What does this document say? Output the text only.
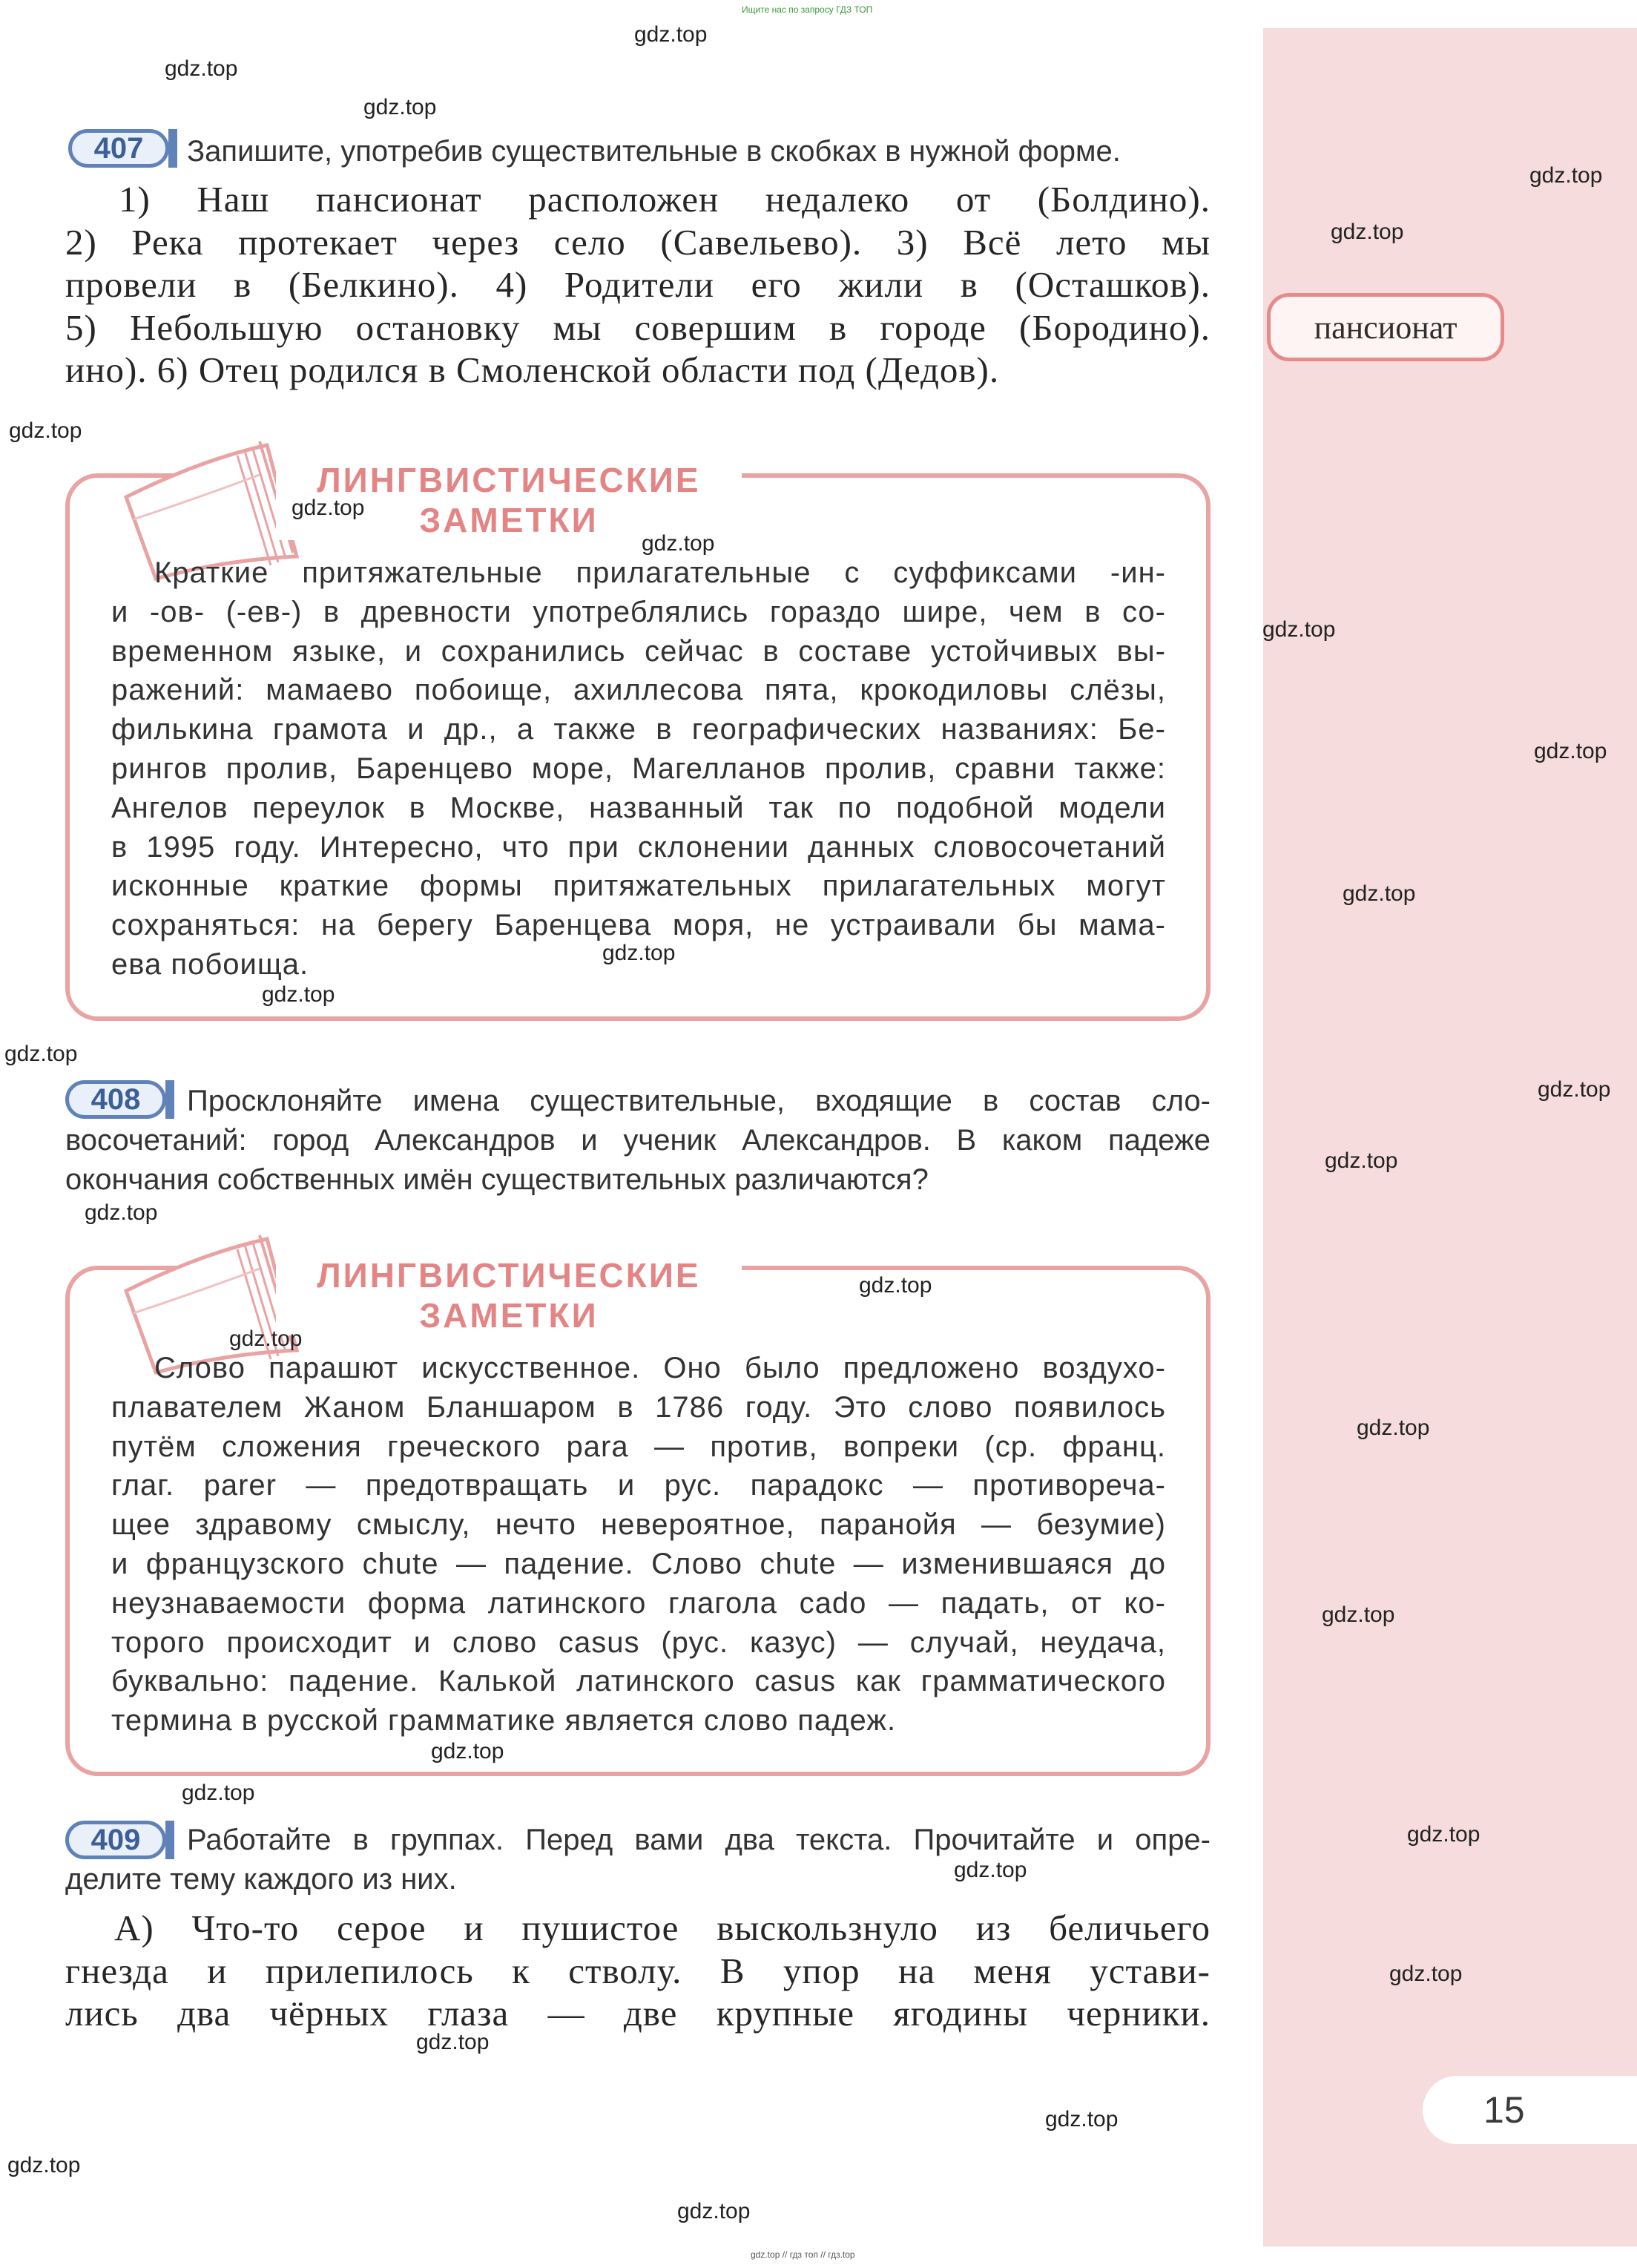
пансионат
15
Ищите нас по запросу ГДЗ ТОП
gdz.top // гдз топ // гдз.top
407 Запишите, употребив существительные в скобках в нужной форме.
1) Наш пансионат расположен недалеко от (Болдино).
2) Река протекает через село (Савельево). 3) Всё лето мы
провели в (Белкино). 4) Родители его жили в (Осташков).
5) Небольшую остановку мы совершим в городе (Бородино).
ино). 6) Отец родился в Смоленской области под (Дедов).
ЛИНГВИСТИЧЕСКИЕ
ЗАМЕТКИ
Краткие притяжательные прилагательные с суффиксами -ин-
и -ов- (-ев-) в древности употреблялись гораздо шире, чем в со-
временном языке, и сохранились сейчас в составе устойчивых вы-
ражений: мамаево побоище, ахиллесова пята, крокодиловы слёзы,
филькина грамота и др., а также в географических названиях: Бе-
рингов пролив, Баренцево море, Магелланов пролив, сравни также:
Ангелов переулок в Москве, названный так по подобной модели
в 1995 году. Интересно, что при склонении данных словосочетаний
исконные краткие формы притяжательных прилагательных могут
сохраняться: на берегу Баренцева моря, не устраивали бы мама-
ева побоища.
408	Просклоняйте имена существительные, входящие в состав сло-
восочетаний: город Александров и ученик Александров. В каком падеже
окончания собственных имён существительных различаются?
ЛИНГВИСТИЧЕСКИЕ
ЗАМЕТКИ
Слово парашют искусственное. Оно было предложено воздухо-
плавателем Жаном Бланшаром в 1786 году. Это слово появилось
путём сложения греческого para — против, вопреки (ср. франц.
глаг. parer — предотвращать и рус. парадокс — противореча-
щее здравому смыслу, нечто невероятное, паранойя — безумие)
и французского chute — падение. Слово chute — изменившаяся до
неузнаваемости форма латинского глагола cado — падать, от ко-
торого происходит и слово casus (рус. казус) — случай, неудача,
буквально: падение. Калькой латинского casus как грамматического
термина в русской грамматике является слово падеж.
409	Работайте в группах. Перед вами два текста. Прочитайте и опре-
делите тему каждого из них.
А) Что-то серое и пушистое выскользнуло из беличьего
гнезда и прилепилось к стволу. В упор на меня устави-
лись два чёрных глаза — две крупные ягодины черники.
gdz.top
gdz.top
gdz.top
gdz.top
gdz.top
gdz.top
gdz.top
gdz.top
gdz.top
gdz.top
gdz.top
gdz.top
gdz.top
gdz.top
gdz.top
gdz.top
gdz.top
gdz.top
gdz.top
gdz.top
gdz.top
gdz.top
gdz.top
gdz.top
gdz.top
gdz.top
gdz.top
gdz.top
gdz.top
gdz.top
